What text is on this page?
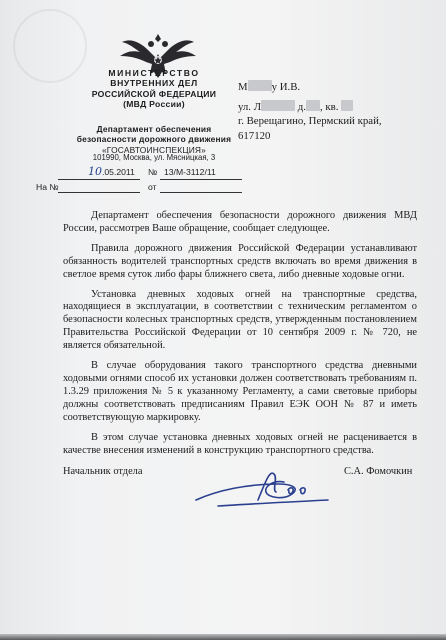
МИНИСТЕРСТВО
ВНУТРЕННИХ ДЕЛ
РОССИЙСКОЙ ФЕДЕРАЦИИ
(МВД России)
Департамент обеспечения
безопасности дорожного движения
«ГОСАВТОИНСПЕКЦИЯ»
101990, Москва, ул. Мясницкая, 3
10 .05.2011 № 13/М-3112/11
На №	от
М у И.В.
ул. Л	д. , кв.
г. Верещагино, Пермский край,
617120

Департамент обеспечения безопасности дорожного движения МВД России, рассмотрев Ваше обращение, сообщает следующее.

Правила дорожного движения Российской Федерации устанавливают обязанность водителей транспортных средств включать во время движения в светлое время суток либо фары ближнего света, либо дневные ходовые огни.

Установка дневных ходовых огней на транспортные средства, находящиеся в эксплуатации, в соответствии с техническим регламентом о безопасности колесных транспортных средств, утвержденным постановлением Правительства Российской Федерации от 10 сентября 2009 г. № 720, не является обязательной.

В случае оборудования такого транспортного средства дневными ходовыми огнями способ их установки должен соответствовать требованиям п. 1.3.29 приложения № 5 к указанному Регламенту, а сами световые приборы должны соответствовать предписаниям Правил ЕЭК ООН № 87 и иметь соответствующую маркировку.

В этом случае установка дневных ходовых огней не расценивается в качестве внесения изменений в конструкцию транспортного средства.

Начальник отдела	С.А. Фомочкин
